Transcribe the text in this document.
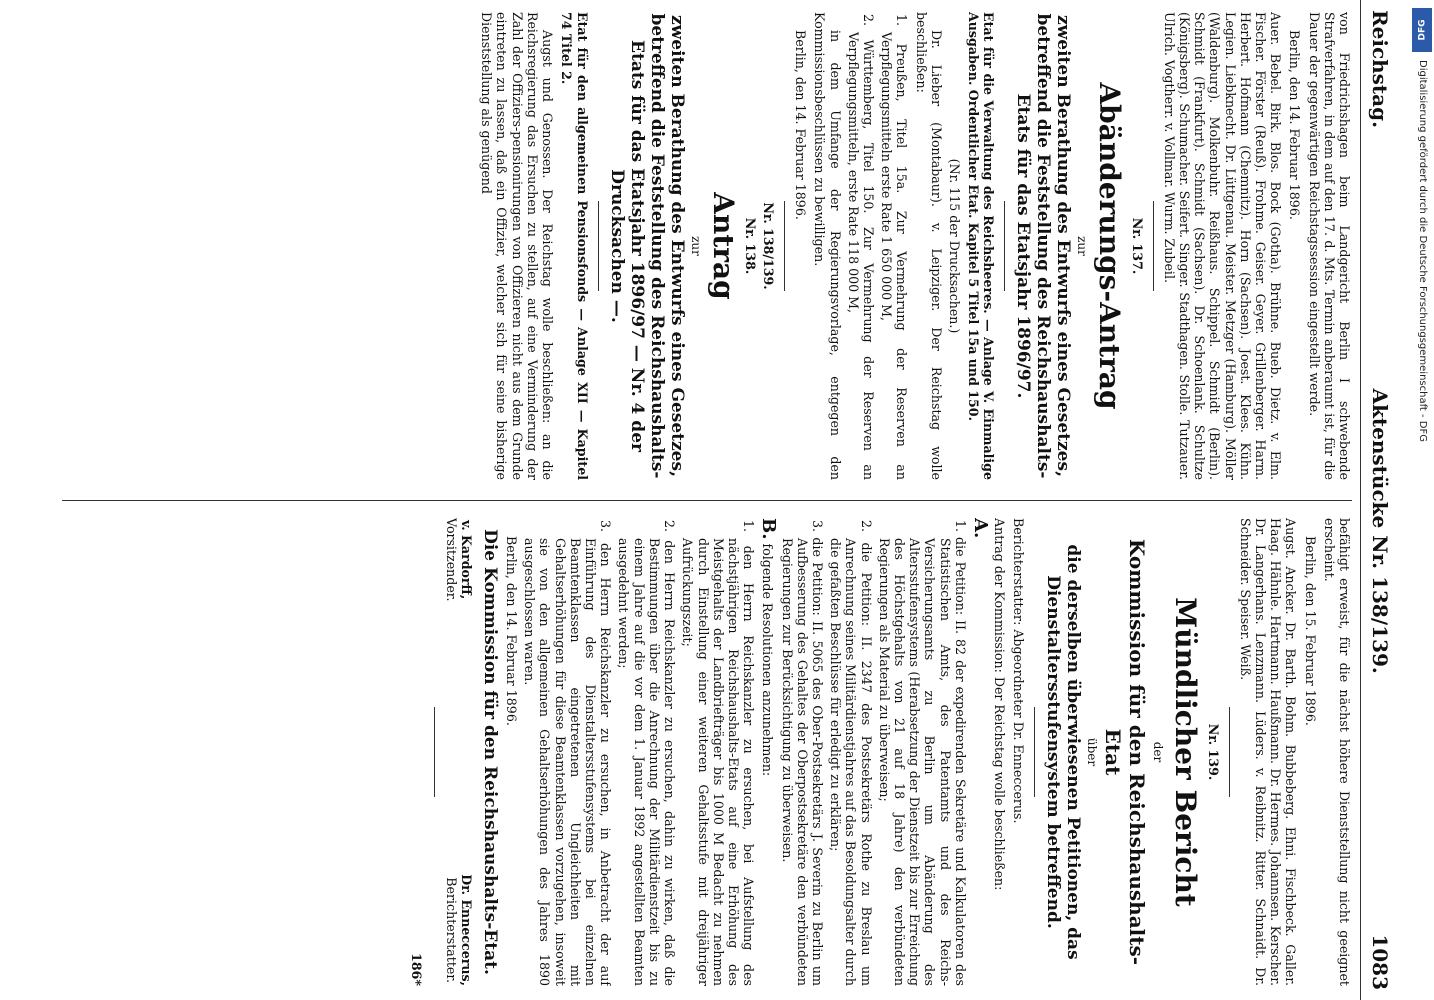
Reichstag.
Aktenstücke Nr. 138/139.
1083

von Friedrichshagen beim Landgericht Berlin I schwebende Strafverfahren, in dem auf den 17. d. Mts. Termin anberaumt ist, für die Dauer der gegenwärtigen Reichstagssession eingestellt werde.

Berlin, den 14. Februar 1896.

Auer. Bebel. Birk. Blos. Bock (Gotha). Brühne. Bueb. Dietz. v. Elm. Fischer. Förster (Reuß). Frohme. Geiser. Geyer. Grillenberger. Harm. Herbert. Hofmann (Chemnitz). Horn (Sachsen). Joest. Klees. Kühn. Legien. Liebknecht. Dr. Lüttgenau. Meister. Metzger (Hamburg). Möller (Waldenburg). Molkenbuhr. Reißhaus. Schippel. Schmidt (Berlin). Schmidt (Frankfurt). Schmidt (Sachsen). Dr. Schoenlank. Schultze (Königsberg). Schumacher. Seifert. Singer. Stadthagen. Stolle. Tutzauer. Ulrich. Vogtherr. v. Vollmar. Wurm. Zubeil.

Nr. 137.

Abänderungs-Antrag

zur

zweiten Berathung des Entwurfs eines Gesetzes, betreffend die Feststellung des Reichshaushalts-Etats für das Etatsjahr 1896/97.

Etat für die Verwaltung des Reichsheeres. — Anlage V. Einmalige Ausgaben. Ordentlicher Etat. Kapitel 5 Titel 15a und 150.

(Nr. 115 der Drucksachen.)

Dr. Lieber (Montabaur). v. Leipziger. Der Reichstag wolle beschließen:

1. Preußen, Titel 15a. Zur Vermehrung der Reserven an Verpflegungsmitteln erste Rate 1 650 000 M,

2. Württemberg, Titel 150. Zur Vermehrung der Reserven an Verpflegungsmitteln, erste Rate 118 000 M,

in dem Umfange der Regierungsvorlage, entgegen den Kommissionsbeschlüssen zu bewilligen.

Berlin, den 14. Februar 1896.

Nr. 138/139.

Nr. 138.

Antrag

zur

zweiten Berathung des Entwurfs eines Gesetzes, betreffend die Feststellung des Reichshaushalts-Etats für das Etatsjahr 1896/97 — Nr. 4 der Drucksachen —.

Etat für den allgemeinen Pensionsfonds — Anlage XII — Kapitel 74 Titel 2.

Augst und Genossen. Der Reichstag wolle beschließen: an die Reichsregierung das Ersuchen zu stellen, auf eine Verminderung der Zahl der Offiziers-pensionirungen von Offizieren nicht aus dem Grunde eintreten zu lassen, daß ein Offizier, welcher sich für seine bisherige Dienststellung als genügend

befähigt erweist, für die nächst höhere Dienststellung nicht geeignet erscheint.

Berlin, den 15. Februar 1896.

Augst. Ancker. Dr. Barth. Bohm. Bubbeberg. Ehni. Fischbeck. Galler. Haag. Hähnle. Hartmann. Haußmann. Dr. Hermes. Johannsen. Kerscher. Dr. Langerhans. Lenzmann. Lüders. v. Reibnitz. Ritter. Schnaidt. Dr. Schneider. Speiser. Weiß.

Nr. 139.

Mündlicher Bericht

der

Kommission für den Reichshaushalts-Etat

über

die derselben überwiesenen Petitionen, das Dienstaltersstufensystem betreffend.

Berichterstatter: Abgeordneter Dr. Enneccerus.

Antrag der Kommission: Der Reichstag wolle beschließen:

A.

1. die Petition: II. 82 der expedirenden Sekretäre und Kalkulatoren des Statistischen Amts, des Patentamts und des Reichs-Versicherungsamts zu Berlin um Abänderung des Altersstufensystems (Herabsetzung der Dienstzeit bis zur Erreichung des Höchstgehalts von 21 auf 18 Jahre) den verbündeten Regierungen als Material zu überweisen;

2. die Petition: II. 2347 des Postsekretärs Rothe zu Breslau um Anrechnung seines Militärdienstjahres auf das Besoldungsalter durch die gefaßten Beschlüsse für erledigt zu erklären;

3. die Petition: II. 5065 des Ober-Postsekretärs J. Severin zu Berlin um Aufbesserung des Gehaltes der Oberpostsekretäre den verbündeten Regierungen zur Berücksichtigung zu überweisen.

B. folgende Resolutionen anzunehmen:

1. den Herrn Reichskanzler zu ersuchen, bei Aufstellung des nächstjährigen Reichshaushalts-Etats auf eine Erhöhung des Meistgehalts der Landbriefträger bis 1000 M Bedacht zu nehmen durch Einstellung einer weiteren Gehaltsstufe mit dreijähriger Aufrückungszeit;

2. den Herrn Reichskanzler zu ersuchen, dahin zu wirken, daß die Bestimmungen über die Anrechnung der Militärdienstzeit bis zu einem Jahre auf die vor dem 1. Januar 1892 angestellten Beamten ausgedehnt werden;

3. den Herrn Reichskanzler zu ersuchen, in Anbetracht der auf Einführung des Dienstaltersstufensystems bei einzelnen Beamtenklassen eingetretenen Ungleichheiten mit Gehaltserhöhungen für diese Beamtenklassen vorzugehen, insoweit sie von den allgemeinen Gehaltserhöhungen des Jahres 1890 ausgeschlossen waren.

Berlin, den 14. Februar 1896.

Die Kommission für den Reichshaushalts-Etat.

v. Kardorff,
Vorsitzender.
Dr. Enneccerus,
Berichterstatter.
186*
DFG
Digitalisierung gefördert durch die Deutsche Forschungsgemeinschaft - DFG
